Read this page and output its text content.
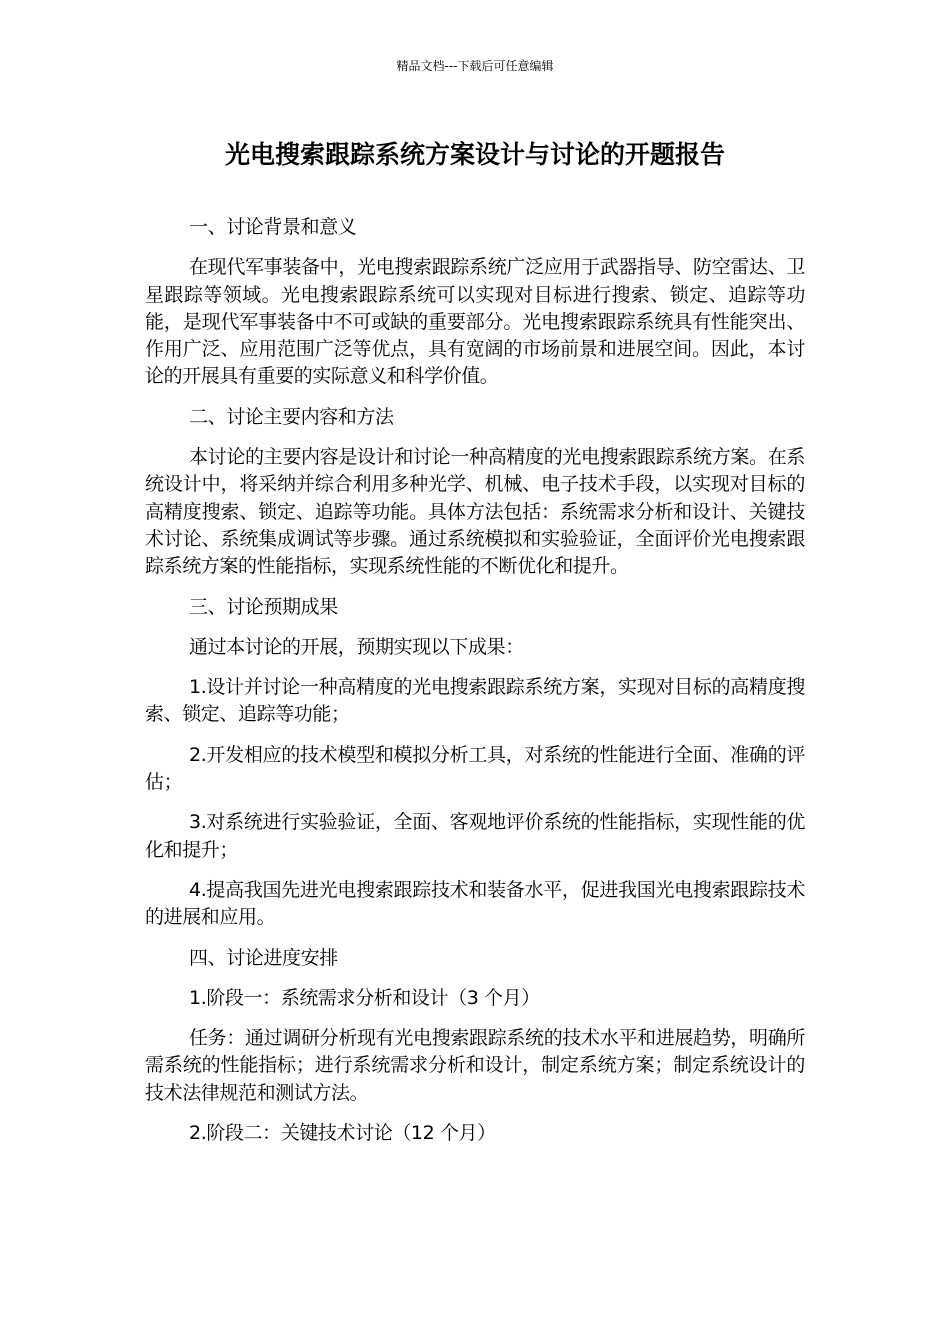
精品文档---下载后可任意编辑
光电搜索跟踪系统方案设计与讨论的开题报告

一、讨论背景和意义

在现代军事装备中，光电搜索跟踪系统广泛应用于武器指导、防空雷达、卫星跟踪等领域。光电搜索跟踪系统可以实现对目标进行搜索、锁定、追踪等功能，是现代军事装备中不可或缺的重要部分。光电搜索跟踪系统具有性能突出、作用广泛、应用范围广泛等优点，具有宽阔的市场前景和进展空间。因此，本讨论的开展具有重要的实际意义和科学价值。

二、讨论主要内容和方法

本讨论的主要内容是设计和讨论一种高精度的光电搜索跟踪系统方案。在系统设计中，将采纳并综合利用多种光学、机械、电子技术手段，以实现对目标的高精度搜索、锁定、追踪等功能。具体方法包括：系统需求分析和设计、关键技术讨论、系统集成调试等步骤。通过系统模拟和实验验证，全面评价光电搜索跟踪系统方案的性能指标，实现系统性能的不断优化和提升。

三、讨论预期成果

通过本讨论的开展，预期实现以下成果：

1.设计并讨论一种高精度的光电搜索跟踪系统方案，实现对目标的高精度搜索、锁定、追踪等功能；

2.开发相应的技术模型和模拟分析工具，对系统的性能进行全面、准确的评估；

3.对系统进行实验验证，全面、客观地评价系统的性能指标，实现性能的优化和提升；

4.提高我国先进光电搜索跟踪技术和装备水平，促进我国光电搜索跟踪技术的进展和应用。

四、讨论进度安排

1.阶段一：系统需求分析和设计（3 个月）

任务：通过调研分析现有光电搜索跟踪系统的技术水平和进展趋势，明确所需系统的性能指标；进行系统需求分析和设计，制定系统方案；制定系统设计的技术法律规范和测试方法。

2.阶段二：关键技术讨论（12 个月）
